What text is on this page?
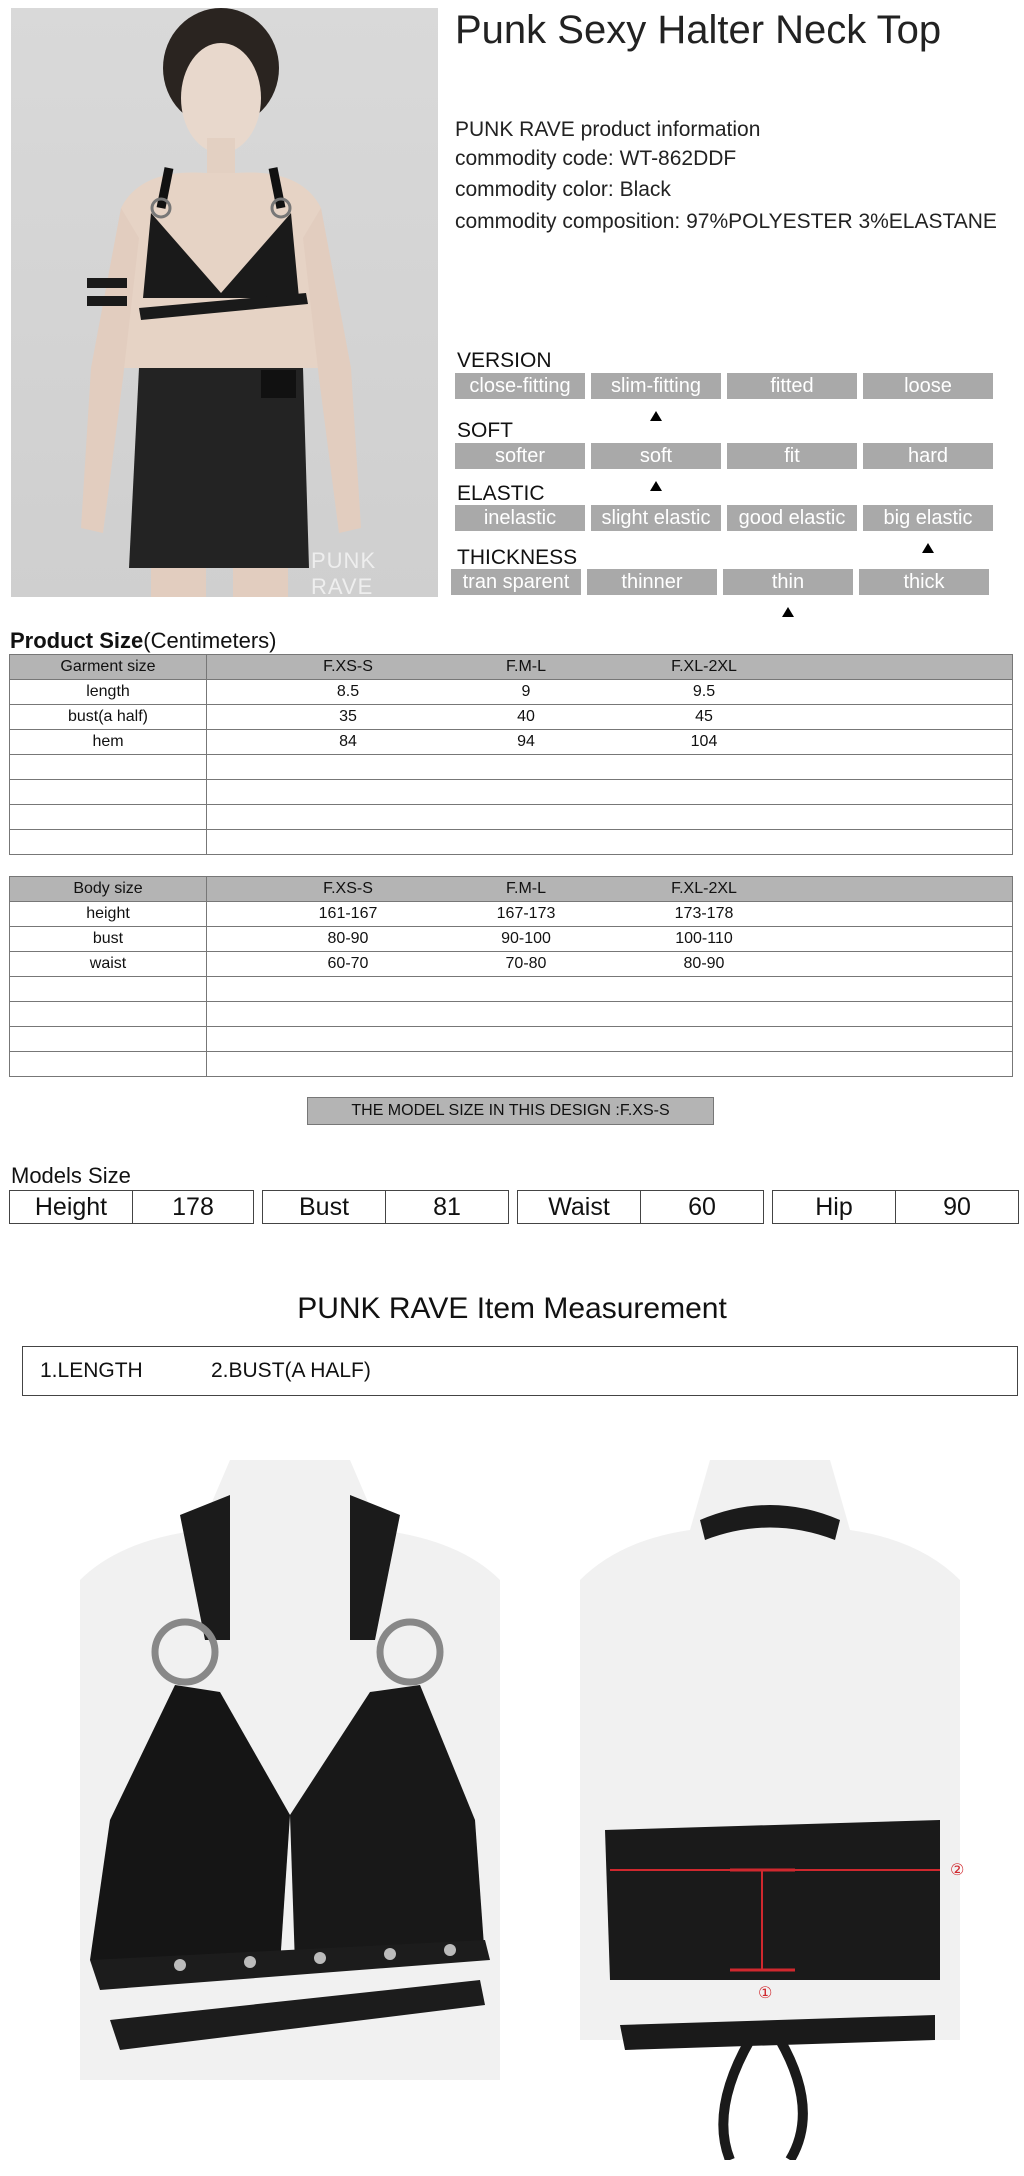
PUNK RAVE
Punk Sexy Halter Neck Top
PUNK RAVE product information
commodity code: WT-862DDF
commodity color: Black
commodity composition: 97%POLYESTER 3%ELASTANE
VERSION
close-fitting	slim-fitting	fitted	loose
SOFT
softer	soft	fit	hard
ELASTIC
inelastic	slight elastic	good elastic	big elastic
THICKNESS
tran sparent	thinner	thin	thick
Product Size(Centimeters)
Garment size	F.XS-S F.M-L F.XL-2XL

length	8.5 9 9.5

bust(a half)	35 40 45

hem	84 94 104

Body size	F.XS-S F.M-L F.XL-2XL

height	161-167 167-173 173-178

bust	80-90 90-100 100-110

waist	60-70 70-80 80-90

THE MODEL SIZE IN THIS DESIGN :F.XS-S
Models Size
Height	178	Bust	81	Waist	60	Hip	90
PUNK RAVE Item Measurement
1.LENGTH	2.BUST(A HALF)
①
②
